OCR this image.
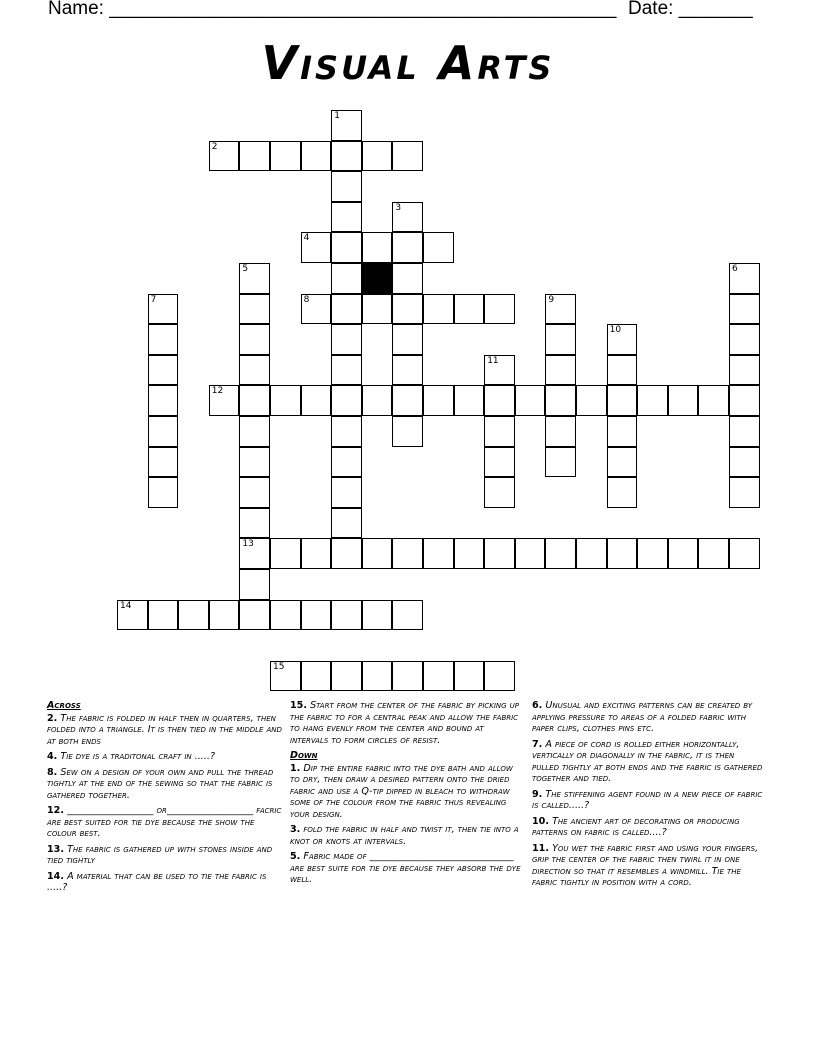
Name: ________________________________________________ Date: _______
Visual Arts
1
2
3
4
5
13
6
7	8	9
10
11
12
14
15
Across
2. The fabric is folded in half then in quarters, then folded into a triangle. It is then tied in the middle and at both ends
4. Tie dye is a traditonal craft in .....?
8. Sew on a design of your own and pull the thread tightly at the end of the sewing so that the fabric is gathered together.
12. __________________ or__________________ facric are best suited for tie dye because the show the colour best.
13. The fabric is gathered up with stones inside and tied tightly
14. A material that can be used to tie the fabric is .....?
15. Start from the center of the fabric by picking up the fabric to for a central peak and allow the fabric to hang evenly from the center and bound at intervals to form circles of resist.
Down
1. Dip the entire fabric into the dye bath and allow to dry, then draw a desired pattern onto the dried fabric and use a Q-tip dipped in bleach to withdraw some of the colour from the fabric thus revealing your design.
3. fold the fabric in half and twist it, then tie into a knot or knots at intervals.
5. Fabric made of ______________________________ are best suite for tie dye because they absorb the dye well.
6. Unusual and exciting patterns can be created by applying pressure to areas of a folded fabric with paper clips, clothes pins etc.
7. A piece of cord is rolled either horizontally, vertically or diagonally in the fabric, it is then pulled tightly at both ends and the fabric is gathered together and tied.
9. The stiffening agent found in a new piece of fabric is called.....?
10. The ancient art of decorating or producing patterns on fabric is called....?
11. You wet the fabric first and using your fingers, grip the center of the fabric then twirl it in one direction so that it resembles a windmill. Tie the fabric tightly in position with a cord.
